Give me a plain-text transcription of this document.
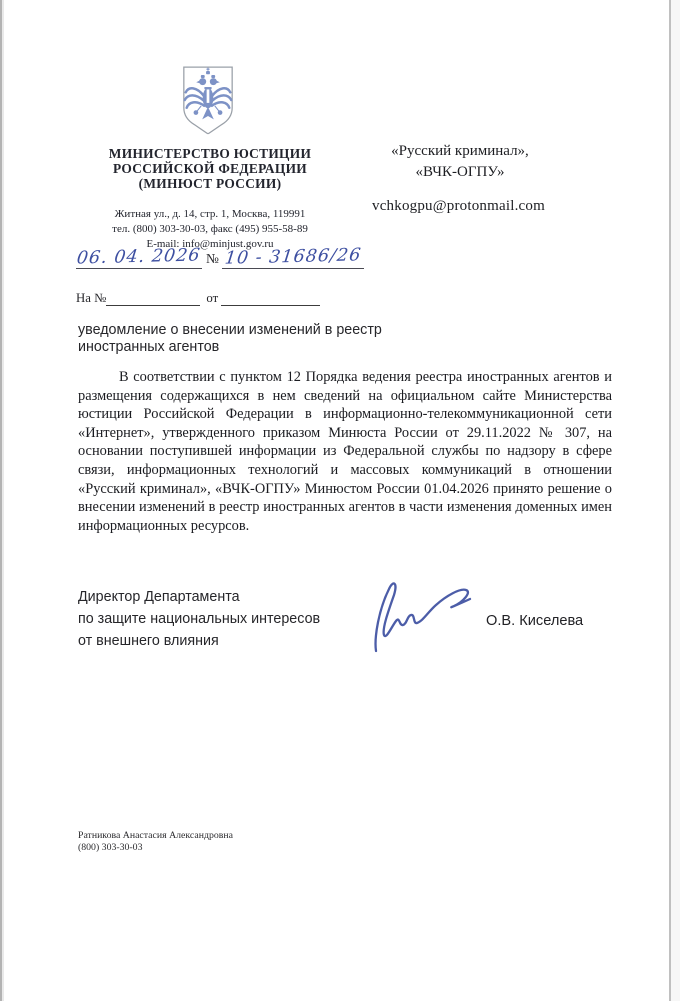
МИНИСТЕРСТВО ЮСТИЦИИ
РОССИЙСКОЙ ФЕДЕРАЦИИ
(МИНЮСТ РОССИИ)
Житная ул., д. 14, стр. 1, Москва, 119991
тел. (800) 303-30-03, факс (495) 955-58-89
E-mail: info@minjust.gov.ru
«Русский криминал»,
«ВЧК-ОГПУ»
vchkogpu@protonmail.com
06. 04. 2026 № 10 - 31686/26
На №	от
уведомление о внесении изменений в реестр иностранных агентов
В соответствии с пунктом 12 Порядка ведения реестра иностранных агентов и размещения содержащихся в нем сведений на официальном сайте Министерства юстиции Российской Федерации в информационно-телекоммуникационной сети «Интернет», утвержденного приказом Минюста России от 29.11.2022 № 307, на основании поступившей информации из Федеральной службы по надзору в сфере связи, информационных технологий и массовых коммуникаций в отношении «Русский криминал», «ВЧК-ОГПУ» Минюстом России 01.04.2026 принято решение о внесении изменений в реестр иностранных агентов в части изменения доменных имен информационных ресурсов.
Директор Департамента
по защите национальных интересов
от внешнего влияния
О.В. Киселева
Ратникова Анастасия Александровна
(800) 303-30-03
